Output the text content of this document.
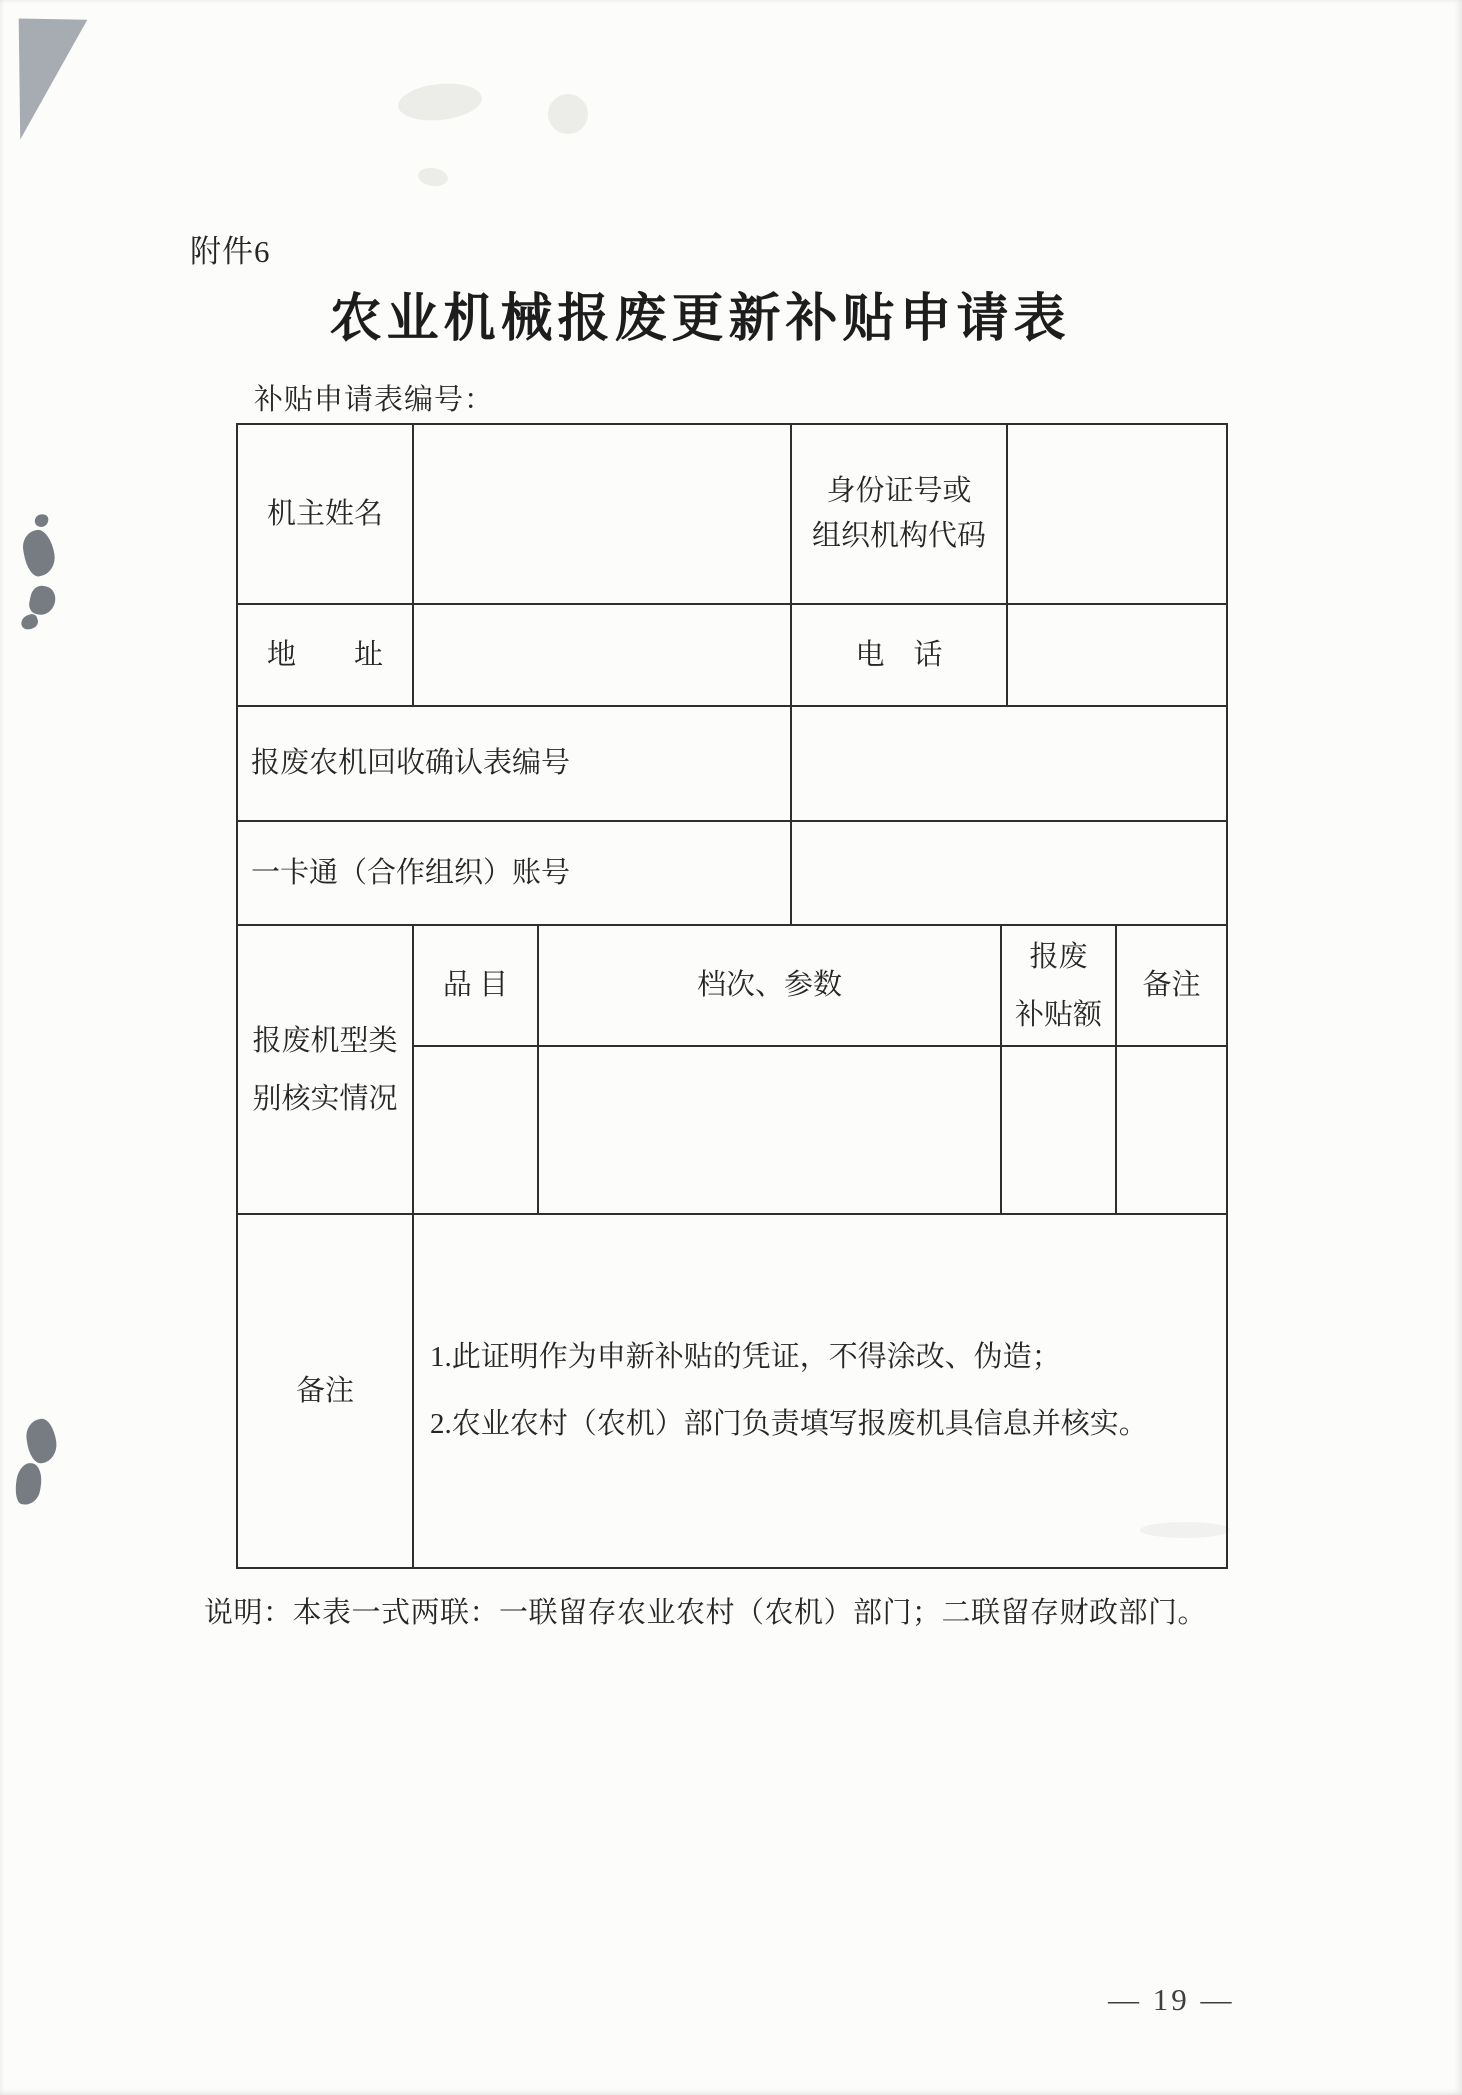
附件6
农业机械报废更新补贴申请表
补贴申请表编号：
机主姓名
身份证号或
组织机构代码
地　　址	电　话
报废农机回收确认表编号
一卡通（合作组织）账号
报废机型类
别核实情况
品 目	档次、参数
报废
补贴额
备注
备注
1.此证明作为申新补贴的凭证，不得涂改、伪造；
2.农业农村（农机）部门负责填写报废机具信息并核实。
说明：本表一式两联：一联留存农业农村（农机）部门；二联留存财政部门。
— 19 —
